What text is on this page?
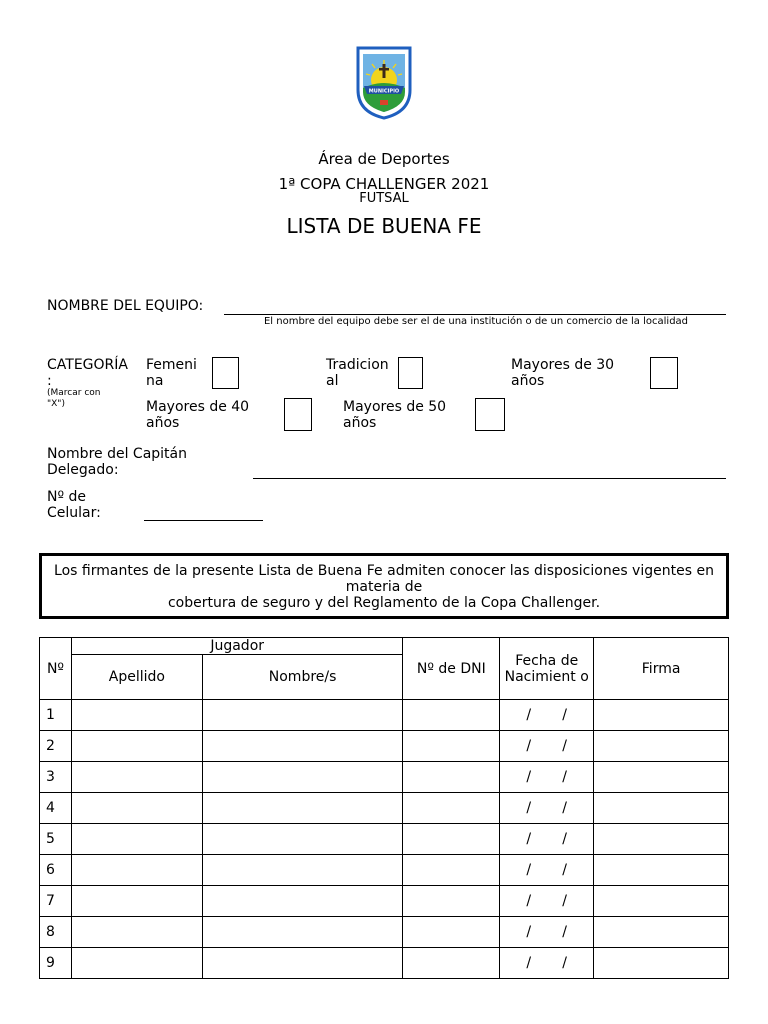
MUNICIPIO
Área de Deportes
1ª COPA CHALLENGER 2021
FUTSAL
LISTA DE BUENA FE
NOMBRE DEL EQUIPO:
El nombre del equipo debe ser el de una institución o de un comercio de la localidad
CATEGORÍA
:
(Marcar con "X")
Femeni na
Tradicion al
Mayores de 30 años
Mayores de 40 años
Mayores de 50 años
Nombre del Capitán Delegado:
Nº de Celular:
Los firmantes de la presente Lista de Buena Fe admiten conocer las disposiciones vigentes en materia de
cobertura de seguro y del Reglamento de la Copa Challenger.
Nº	Jugador		Nº de DNI	Fecha de Nacimient o	Firma
	Apellido	Nombre/s			
1				/       /	
2				/       /	
3				/       /	
4				/       /	
5				/       /	
6				/       /	
7				/       /	
8				/       /	
9				/       /	
